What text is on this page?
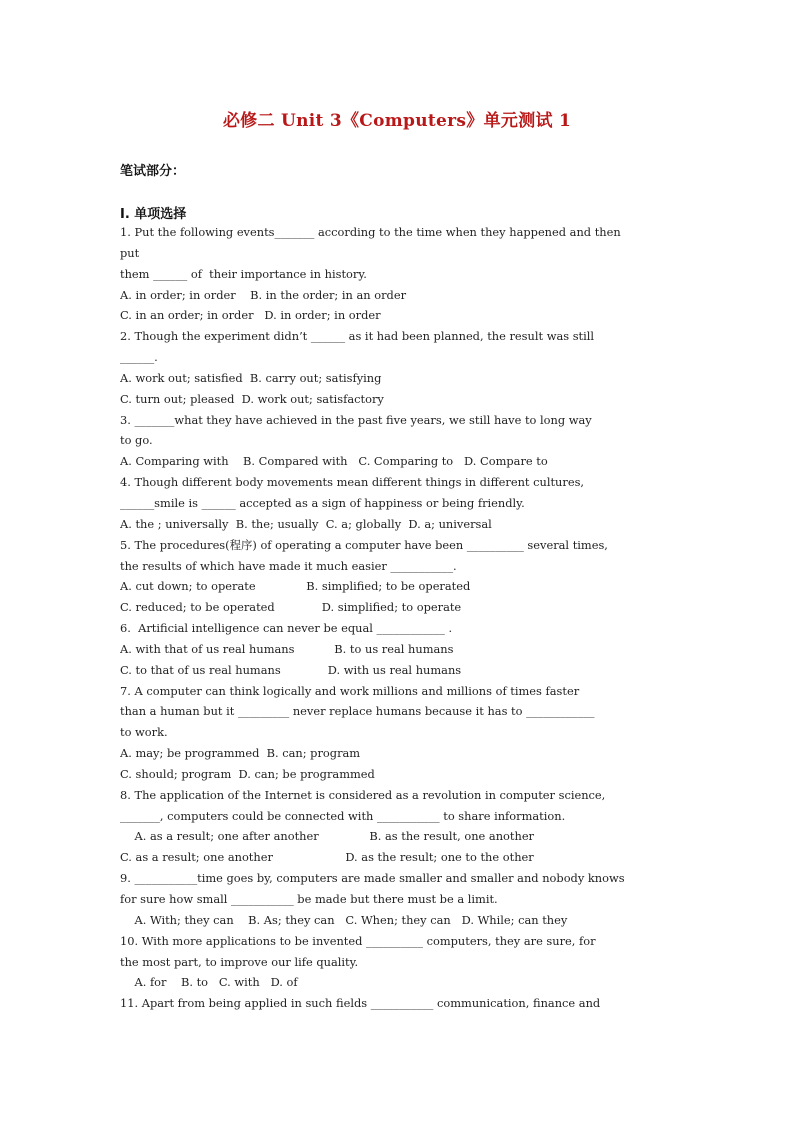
必修二 Unit 3《Computers》单元测试 1
笔试部分：
I. 单项选择
1. Put the following events_______ according to the time when they happened and then
put
them ______ of  their importance in history.
A. in order; in order    B. in the order; in an order
C. in an order; in order   D. in order; in order
2. Though the experiment didn’t ______ as it had been planned, the result was still
______.
A. work out; satisfied  B. carry out; satisfying
C. turn out; pleased  D. work out; satisfactory
3. _______what they have achieved in the past five years, we still have to long way
to go.
A. Comparing with    B. Compared with   C. Comparing to   D. Compare to
4. Though different body movements mean different things in different cultures,
______smile is ______ accepted as a sign of happiness or being friendly.
A. the ; universally  B. the; usually  C. a; globally  D. a; universal
5. The procedures(程序) of operating a computer have been __________ several times,
the results of which have made it much easier ___________.
A. cut down; to operate              B. simplified; to be operated
C. reduced; to be operated             D. simplified; to operate
6.  Artificial intelligence can never be equal ____________ .
A. with that of us real humans           B. to us real humans
C. to that of us real humans             D. with us real humans
7. A computer can think logically and work millions and millions of times faster
than a human but it _________ never replace humans because it has to ____________
to work.
A. may; be programmed  B. can; program
C. should; program  D. can; be programmed
8. The application of the Internet is considered as a revolution in computer science,
_______, computers could be connected with ___________ to share information.
A. as a result; one after another              B. as the result, one another
C. as a result; one another                    D. as the result; one to the other
9. ___________time goes by, computers are made smaller and smaller and nobody knows
for sure how small ___________ be made but there must be a limit.
A. With; they can    B. As; they can   C. When; they can   D. While; can they
10. With more applications to be invented __________ computers, they are sure, for
the most part, to improve our life quality.
A. for    B. to   C. with   D. of
11. Apart from being applied in such fields ___________ communication, finance and
